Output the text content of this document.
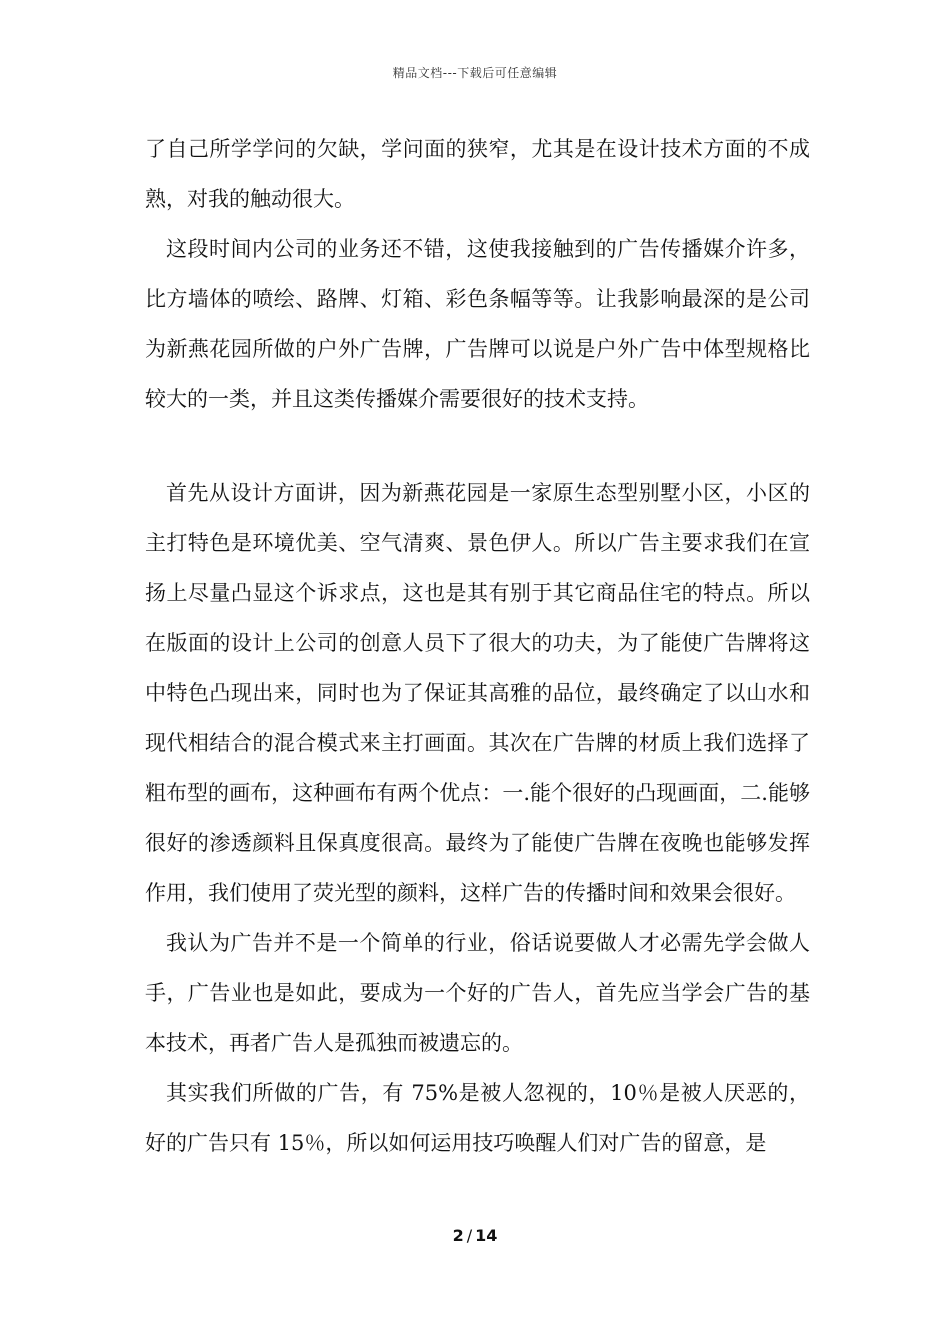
精品文档---下载后可任意编辑

了自己所学学问的欠缺，学问面的狭窄，尤其是在设计技术方面的不成熟，对我的触动很大。

这段时间内公司的业务还不错，这使我接触到的广告传播媒介许多，比方墙体的喷绘、路牌、灯箱、彩色条幅等等。让我影响最深的是公司为新燕花园所做的户外广告牌，广告牌可以说是户外广告中体型规格比较大的一类，并且这类传播媒介需要很好的技术支持。

首先从设计方面讲，因为新燕花园是一家原生态型别墅小区，小区的主打特色是环境优美、空气清爽、景色伊人。所以广告主要求我们在宣扬上尽量凸显这个诉求点，这也是其有别于其它商品住宅的特点。所以在版面的设计上公司的创意人员下了很大的功夫，为了能使广告牌将这中特色凸现出来，同时也为了保证其高雅的品位，最终确定了以山水和现代相结合的混合模式来主打画面。其次在广告牌的材质上我们选择了粗布型的画布，这种画布有两个优点：一.能个很好的凸现画面，二.能够很好的渗透颜料且保真度很高。最终为了能使广告牌在夜晚也能够发挥作用，我们使用了荧光型的颜料，这样广告的传播时间和效果会很好。

我认为广告并不是一个简单的行业，俗话说要做人才必需先学会做人手，广告业也是如此，要成为一个好的广告人，首先应当学会广告的基本技术，再者广告人是孤独而被遗忘的。

其实我们所做的广告，有 75%是被人忽视的，10％是被人厌恶的，好的广告只有 15％，所以如何运用技巧唤醒人们对广告的留意，是

2 / 14
